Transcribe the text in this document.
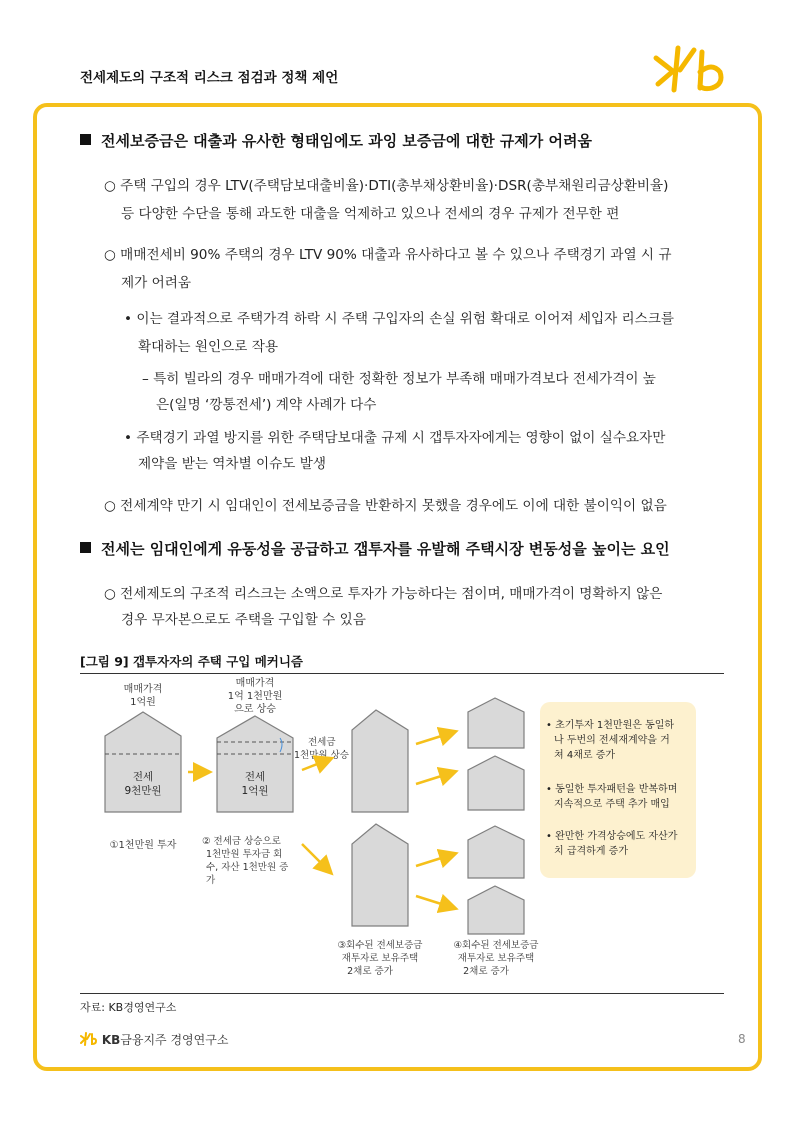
전세제도의 구조적 리스크 점검과 정책 제언
전세보증금은 대출과 유사한 형태임에도 과잉 보증금에 대한 규제가 어려움
○ 주택 구입의 경우 LTV(주택담보대출비율)·DTI(총부채상환비율)·DSR(총부채원리금상환비율)
등 다양한 수단을 통해 과도한 대출을 억제하고 있으나 전세의 경우 규제가 전무한 편
○ 매매전세비 90% 주택의 경우 LTV 90% 대출과 유사하다고 볼 수 있으나 주택경기 과열 시 규
제가 어려움
• 이는 결과적으로 주택가격 하락 시 주택 구입자의 손실 위험 확대로 이어져 세입자 리스크를
확대하는 원인으로 작용
– 특히 빌라의 경우 매매가격에 대한 정확한 정보가 부족해 매매가격보다 전세가격이 높
은(일명 ‘깡통전세’) 계약 사례가 다수
• 주택경기 과열 방지를 위한 주택담보대출 규제 시 갭투자자에게는 영향이 없이 실수요자만
제약을 받는 역차별 이슈도 발생
○ 전세계약 만기 시 임대인이 전세보증금을 반환하지 못했을 경우에도 이에 대한 불이익이 없음
전세는 임대인에게 유동성을 공급하고 갭투자를 유발해 주택시장 변동성을 높이는 요인
○ 전세제도의 구조적 리스크는 소액으로 투자가 가능하다는 점이며, 매매가격이 명확하지 않은
경우 무자본으로도 주택을 구입할 수 있음
[그림 9] 갭투자자의 주택 구입 메커니즘
매매가격
1억원
전세
9천만원
①1천만원 투자
매매가격
1억 1천만원
으로 상승
전세
1억원
전세금
1천만원 상승
② 전세금 상승으로
1천만원 투자금 회
수, 자산 1천만원 증
가
③회수된 전세보증금
재투자로 보유주택
2채로 증가
④회수된 전세보증금
재투자로 보유주택
2채로 증가
• 초기투자 1천만원은 동일하
나 두번의 전세재계약을 거
쳐 4채로 증가
• 동일한 투자패턴을 반복하며
지속적으로 주택 추가 매입
• 완만한 가격상승에도 자산가
치 급격하게 증가
자료: KB경영연구소
KB금융지주 경영연구소	8
